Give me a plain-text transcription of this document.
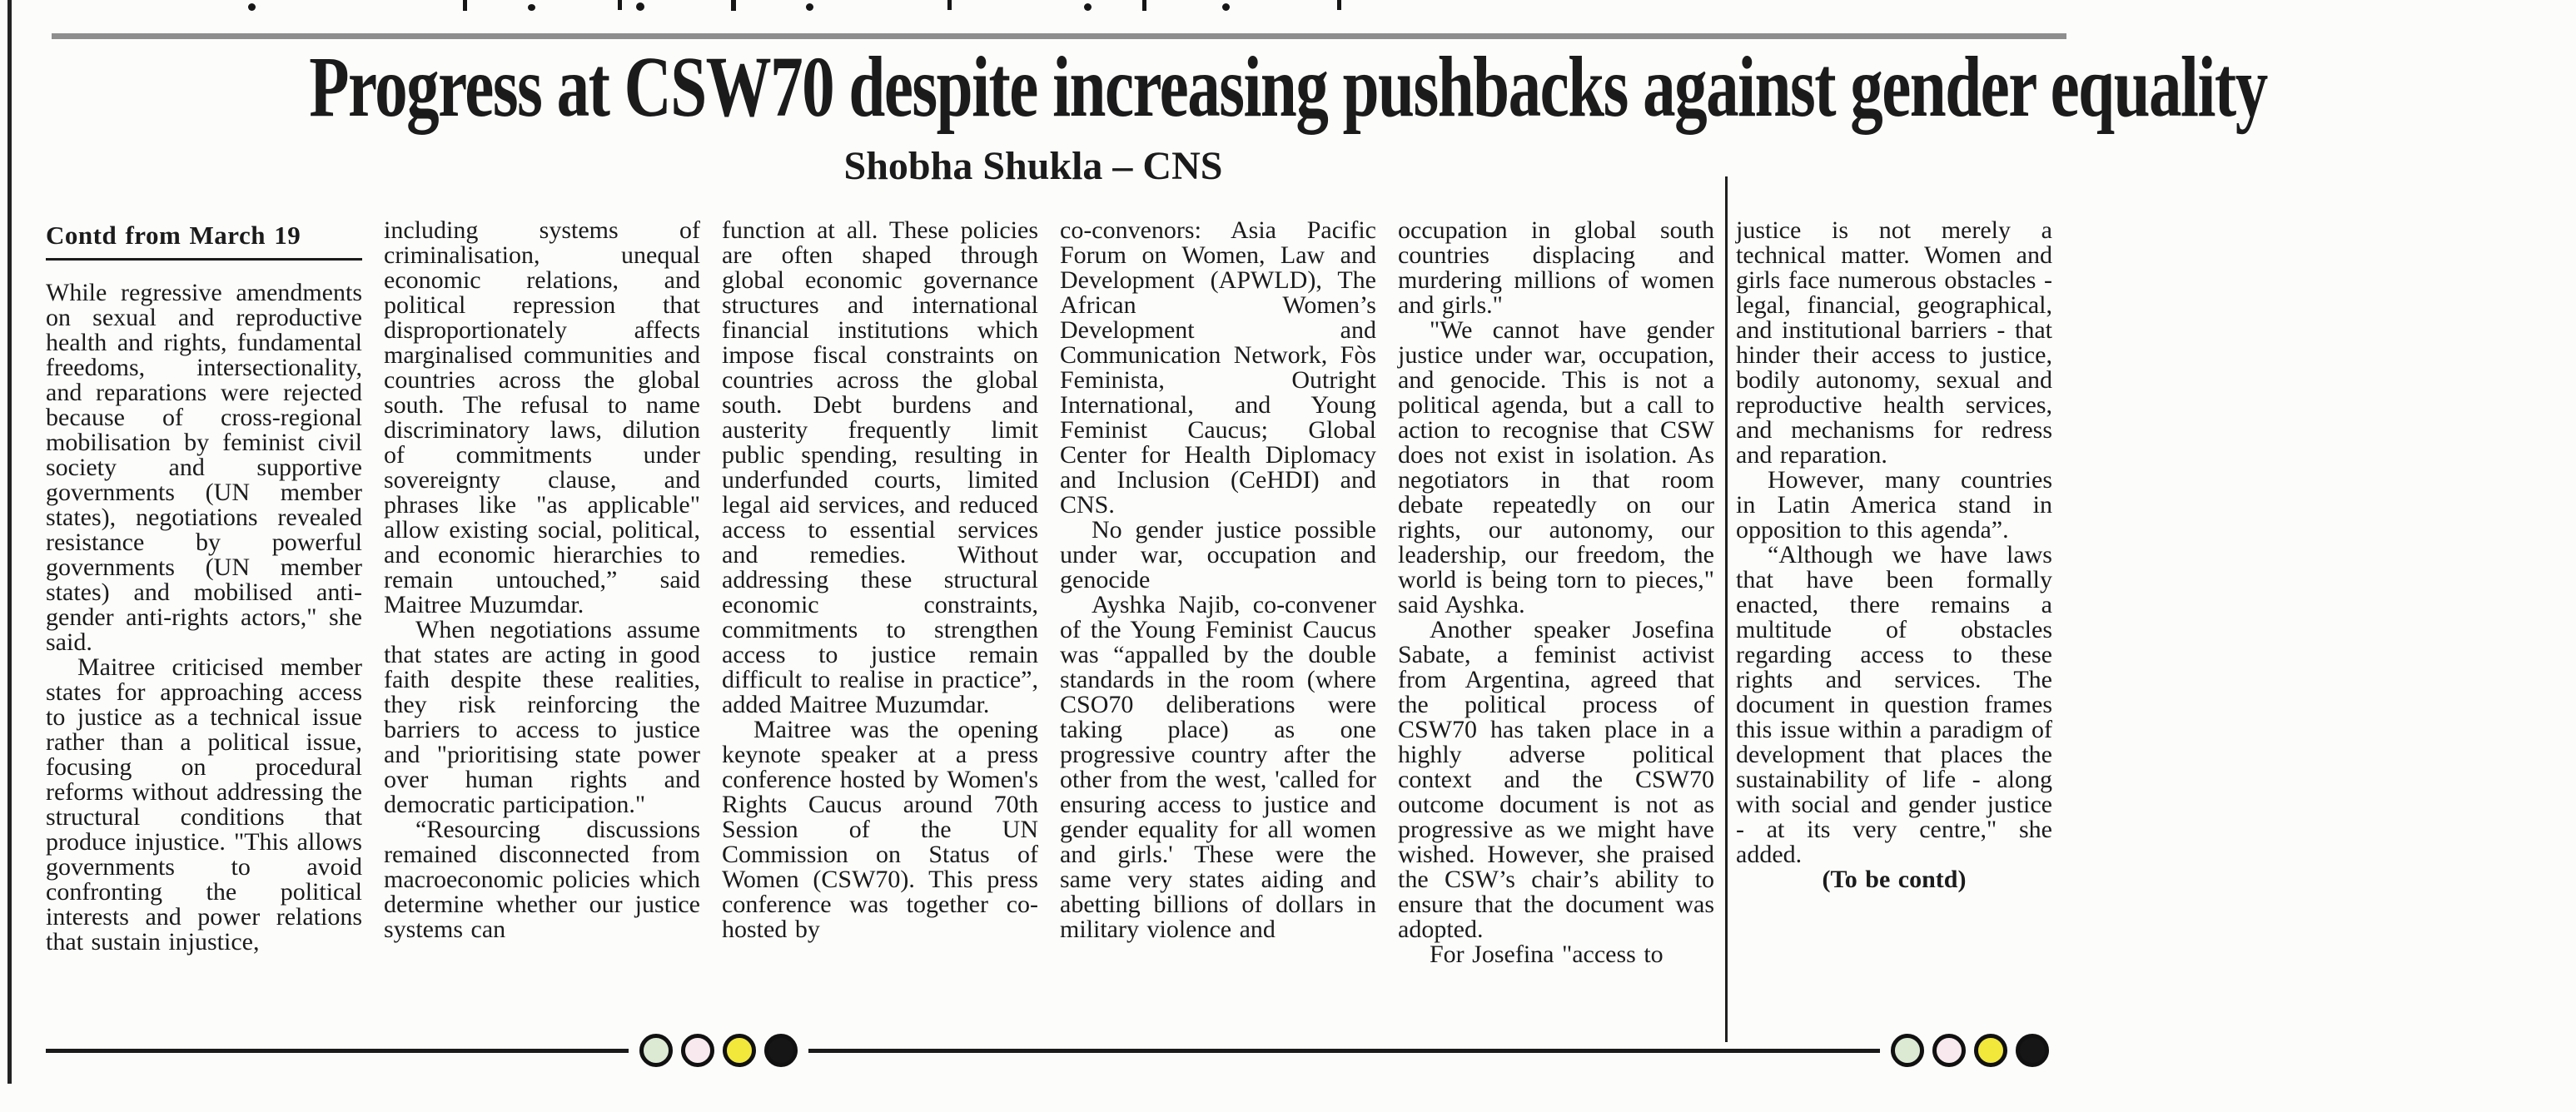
Progress at CSW70 despite increasing pushbacks against gender equality
Shobha Shukla – CNS
Contd from March 19

While regressive amendments on sexual and reproductive health and rights, fundamental freedoms, intersectionality, and reparations were rejected because of cross-regional mobilisation by feminist civil society and supportive governments (UN member states), negotiations revealed resistance by powerful governments (UN member states) and mobilised anti-gender anti-rights actors," she said.

Maitree criticised member states for approaching access to justice as a technical issue rather than a political issue, focusing on procedural reforms without addressing the structural conditions that produce injustice. "This allows governments to avoid confronting the political interests and power relations that sustain injustice,

including systems of criminalisation, unequal economic relations, and political repression that disproportionately affects marginalised communities and countries across the global south. The refusal to name discriminatory laws, dilution of commitments under sovereignty clause, and phrases like "as applicable" allow existing social, political, and economic hierarchies to remain untouched,” said Maitree Muzumdar.

When negotiations assume that states are acting in good faith despite these realities, they risk reinforcing the barriers to access to justice and "prioritising state power over human rights and democratic participation."

“Resourcing discussions remained disconnected from macroeconomic policies which determine whether our justice systems can

function at all. These policies are often shaped through global economic governance structures and international financial institutions which impose fiscal constraints on countries across the global south. Debt burdens and austerity frequently limit public spending, resulting in underfunded courts, limited legal aid services, and reduced access to essential services and remedies. Without addressing these structural economic constraints, commitments to strengthen access to justice remain difficult to realise in practice”, added Maitree Muzumdar.

Maitree was the opening keynote speaker at a press conference hosted by Women's Rights Caucus around 70th Session of the UN Commission on Status of Women (CSW70). This press conference was together co-hosted by

co-convenors: Asia Pacific Forum on Women, Law and Development (APWLD), The African Women’s Development and Communication Network, Fòs Feminista, Outright International, and Young Feminist Caucus; Global Center for Health Diplomacy and Inclusion (CeHDI) and CNS.

No gender justice possible under war, occupation and genocide

Ayshka Najib, co-convener of the Young Feminist Caucus was “appalled by the double standards in the room (where CSO70 deliberations were taking place) as one progressive country after the other from the west, 'called for ensuring access to justice and gender equality for all women and girls.' These were the same very states aiding and abetting billions of dollars in military violence and

occupation in global south countries displacing and murdering millions of women and girls."

"We cannot have gender justice under war, occupation, and genocide. This is not a political agenda, but a call to action to recognise that CSW does not exist in isolation. As negotiators in that room debate repeatedly on our rights, our autonomy, our leadership, our freedom, the world is being torn to pieces," said Ayshka.

Another speaker Josefina Sabate, a feminist activist from Argentina, agreed that the political process of CSW70 has taken place in a highly adverse political context and the CSW70 outcome document is not as progressive as we might have wished. However, she praised the CSW’s chair’s ability to ensure that the document was adopted.

For Josefina "access to

justice is not merely a technical matter. Women and girls face numerous obstacles - legal, financial, geographical, and institutional barriers - that hinder their access to justice, bodily autonomy, sexual and reproductive health services, and mechanisms for redress and reparation.

However, many countries in Latin America stand in opposition to this agenda”.

“Although we have laws that have been formally enacted, there remains a multitude of obstacles regarding access to these rights and services. The document in question frames this issue within a paradigm of development that places the sustainability of life - along with social and gender justice - at its very centre," she added.

(To be contd)
